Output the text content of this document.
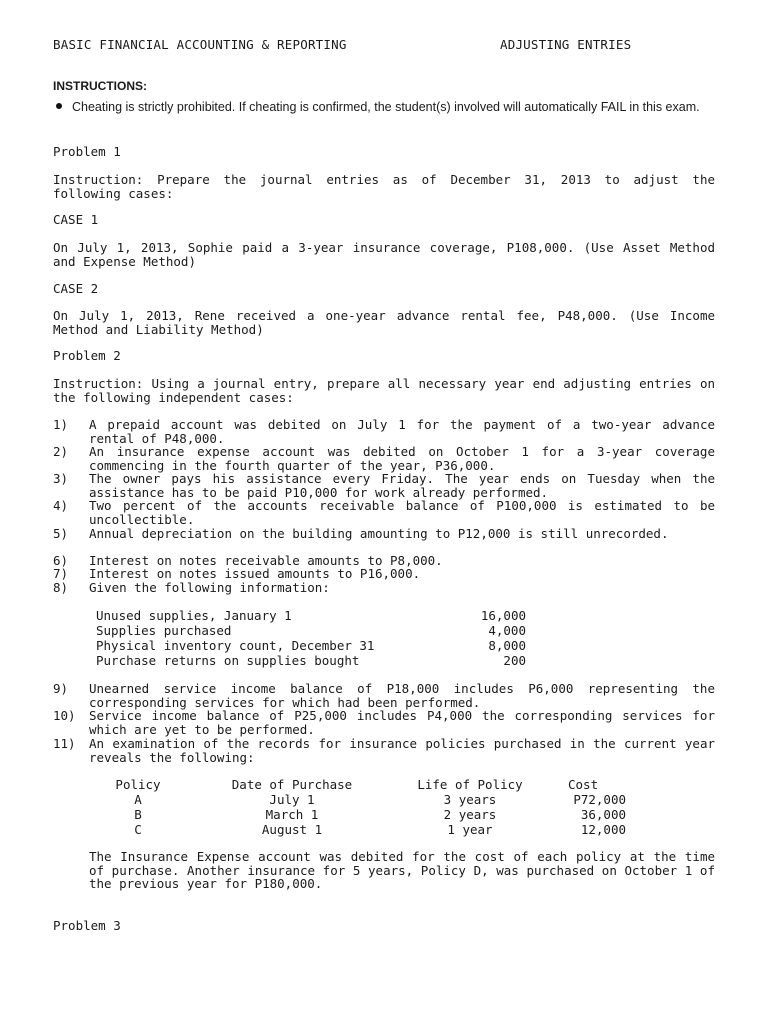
BASIC FINANCIAL ACCOUNTING & REPORTING	ADJUSTING ENTRIES
INSTRUCTIONS:
Cheating is strictly prohibited. If cheating is confirmed, the student(s) involved will automatically FAIL in this exam.
Problem 1
Instruction: Prepare the journal entries as of December 31, 2013 to adjust the following cases:
CASE 1
On July 1, 2013, Sophie paid a 3-year insurance coverage, P108,000. (Use Asset Method and Expense Method)
CASE 2
On July 1, 2013, Rene received a one-year advance rental fee, P48,000. (Use Income Method and Liability Method)
Problem 2
Instruction: Using a journal entry, prepare all necessary year end adjusting entries on the following independent cases:
1) A prepaid account was debited on July 1 for the payment of a two-year advance rental of P48,000.
2) An insurance expense account was debited on October 1 for a 3-year coverage commencing in the fourth quarter of the year, P36,000.
3) The owner pays his assistance every Friday. The year ends on Tuesday when the assistance has to be paid P10,000 for work already performed.
4) Two percent of the accounts receivable balance of P100,000 is estimated to be uncollectible.
5) Annual depreciation on the building amounting to P12,000 is still unrecorded.
6) Interest on notes receivable amounts to P8,000.
7) Interest on notes issued amounts to P16,000.
8) Given the following information:
Unused supplies, January 1	16,000
Supplies purchased	4,000
Physical inventory count, December 31	8,000
Purchase returns on supplies bought	200
9) Unearned service income balance of P18,000 includes P6,000 representing the corresponding services for which had been performed.
10) Service income balance of P25,000 includes P4,000 the corresponding services for which are yet to be performed.
11) An examination of the records for insurance policies purchased in the current year reveals the following:
Policy	Date of Purchase	Life of Policy	Cost
A	July 1	3 years	P72,000
B	March 1	2 years	36,000
C	August 1	1 year	12,000
The Insurance Expense account was debited for the cost of each policy at the time of purchase. Another insurance for 5 years, Policy D, was purchased on October 1 of the previous year for P180,000.
Problem 3
